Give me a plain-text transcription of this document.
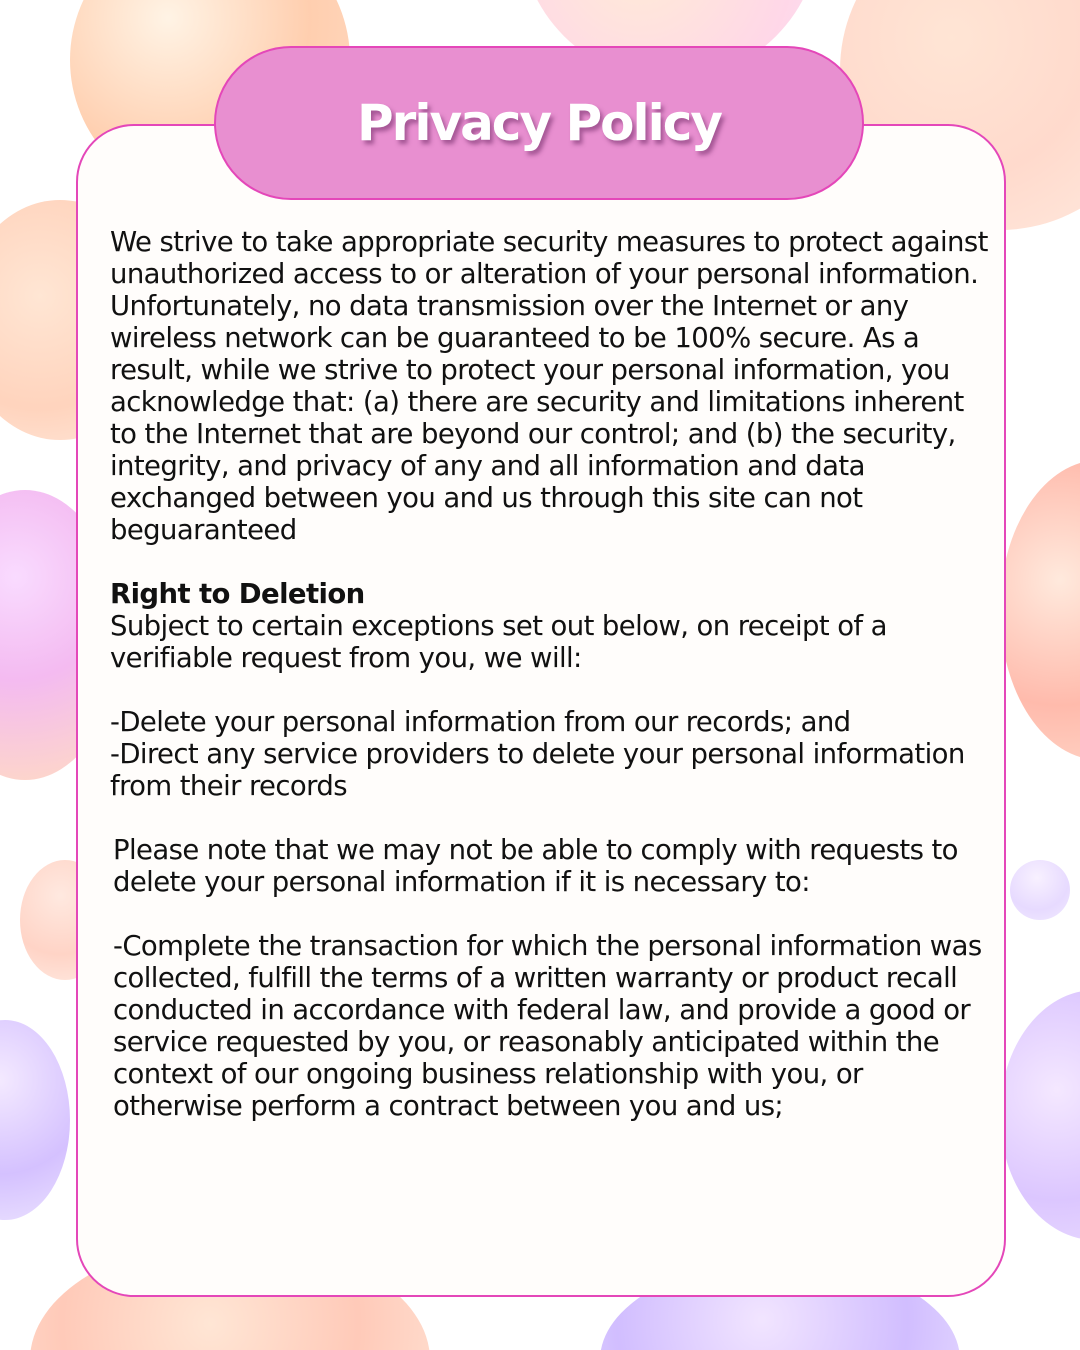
Privacy Policy

We strive to take appropriate security measures to protect against unauthorized access to or alteration of your personal information. Unfortunately, no data transmission over the Internet or any wireless network can be guaranteed to be 100% secure. As a result, while we strive to protect your personal information, you acknowledge that: (a) there are security and limitations inherent to the Internet that are beyond our control; and (b) the security, integrity, and privacy of any and all information and data exchanged between you and us through this site can not beguaranteed

Right to Deletion

Subject to certain exceptions set out below, on receipt of a verifiable request from you, we will:

-Delete your personal information from our records; and

-Direct any service providers to delete your personal information from their records

Please note that we may not be able to comply with requests to delete your personal information if it is necessary to:

-Complete the transaction for which the personal information was collected, fulfill the terms of a written warranty or product recall conducted in accordance with federal law, and provide a good or service requested by you, or reasonably anticipated within the context of our ongoing business relationship with you, or otherwise perform a contract between you and us;
